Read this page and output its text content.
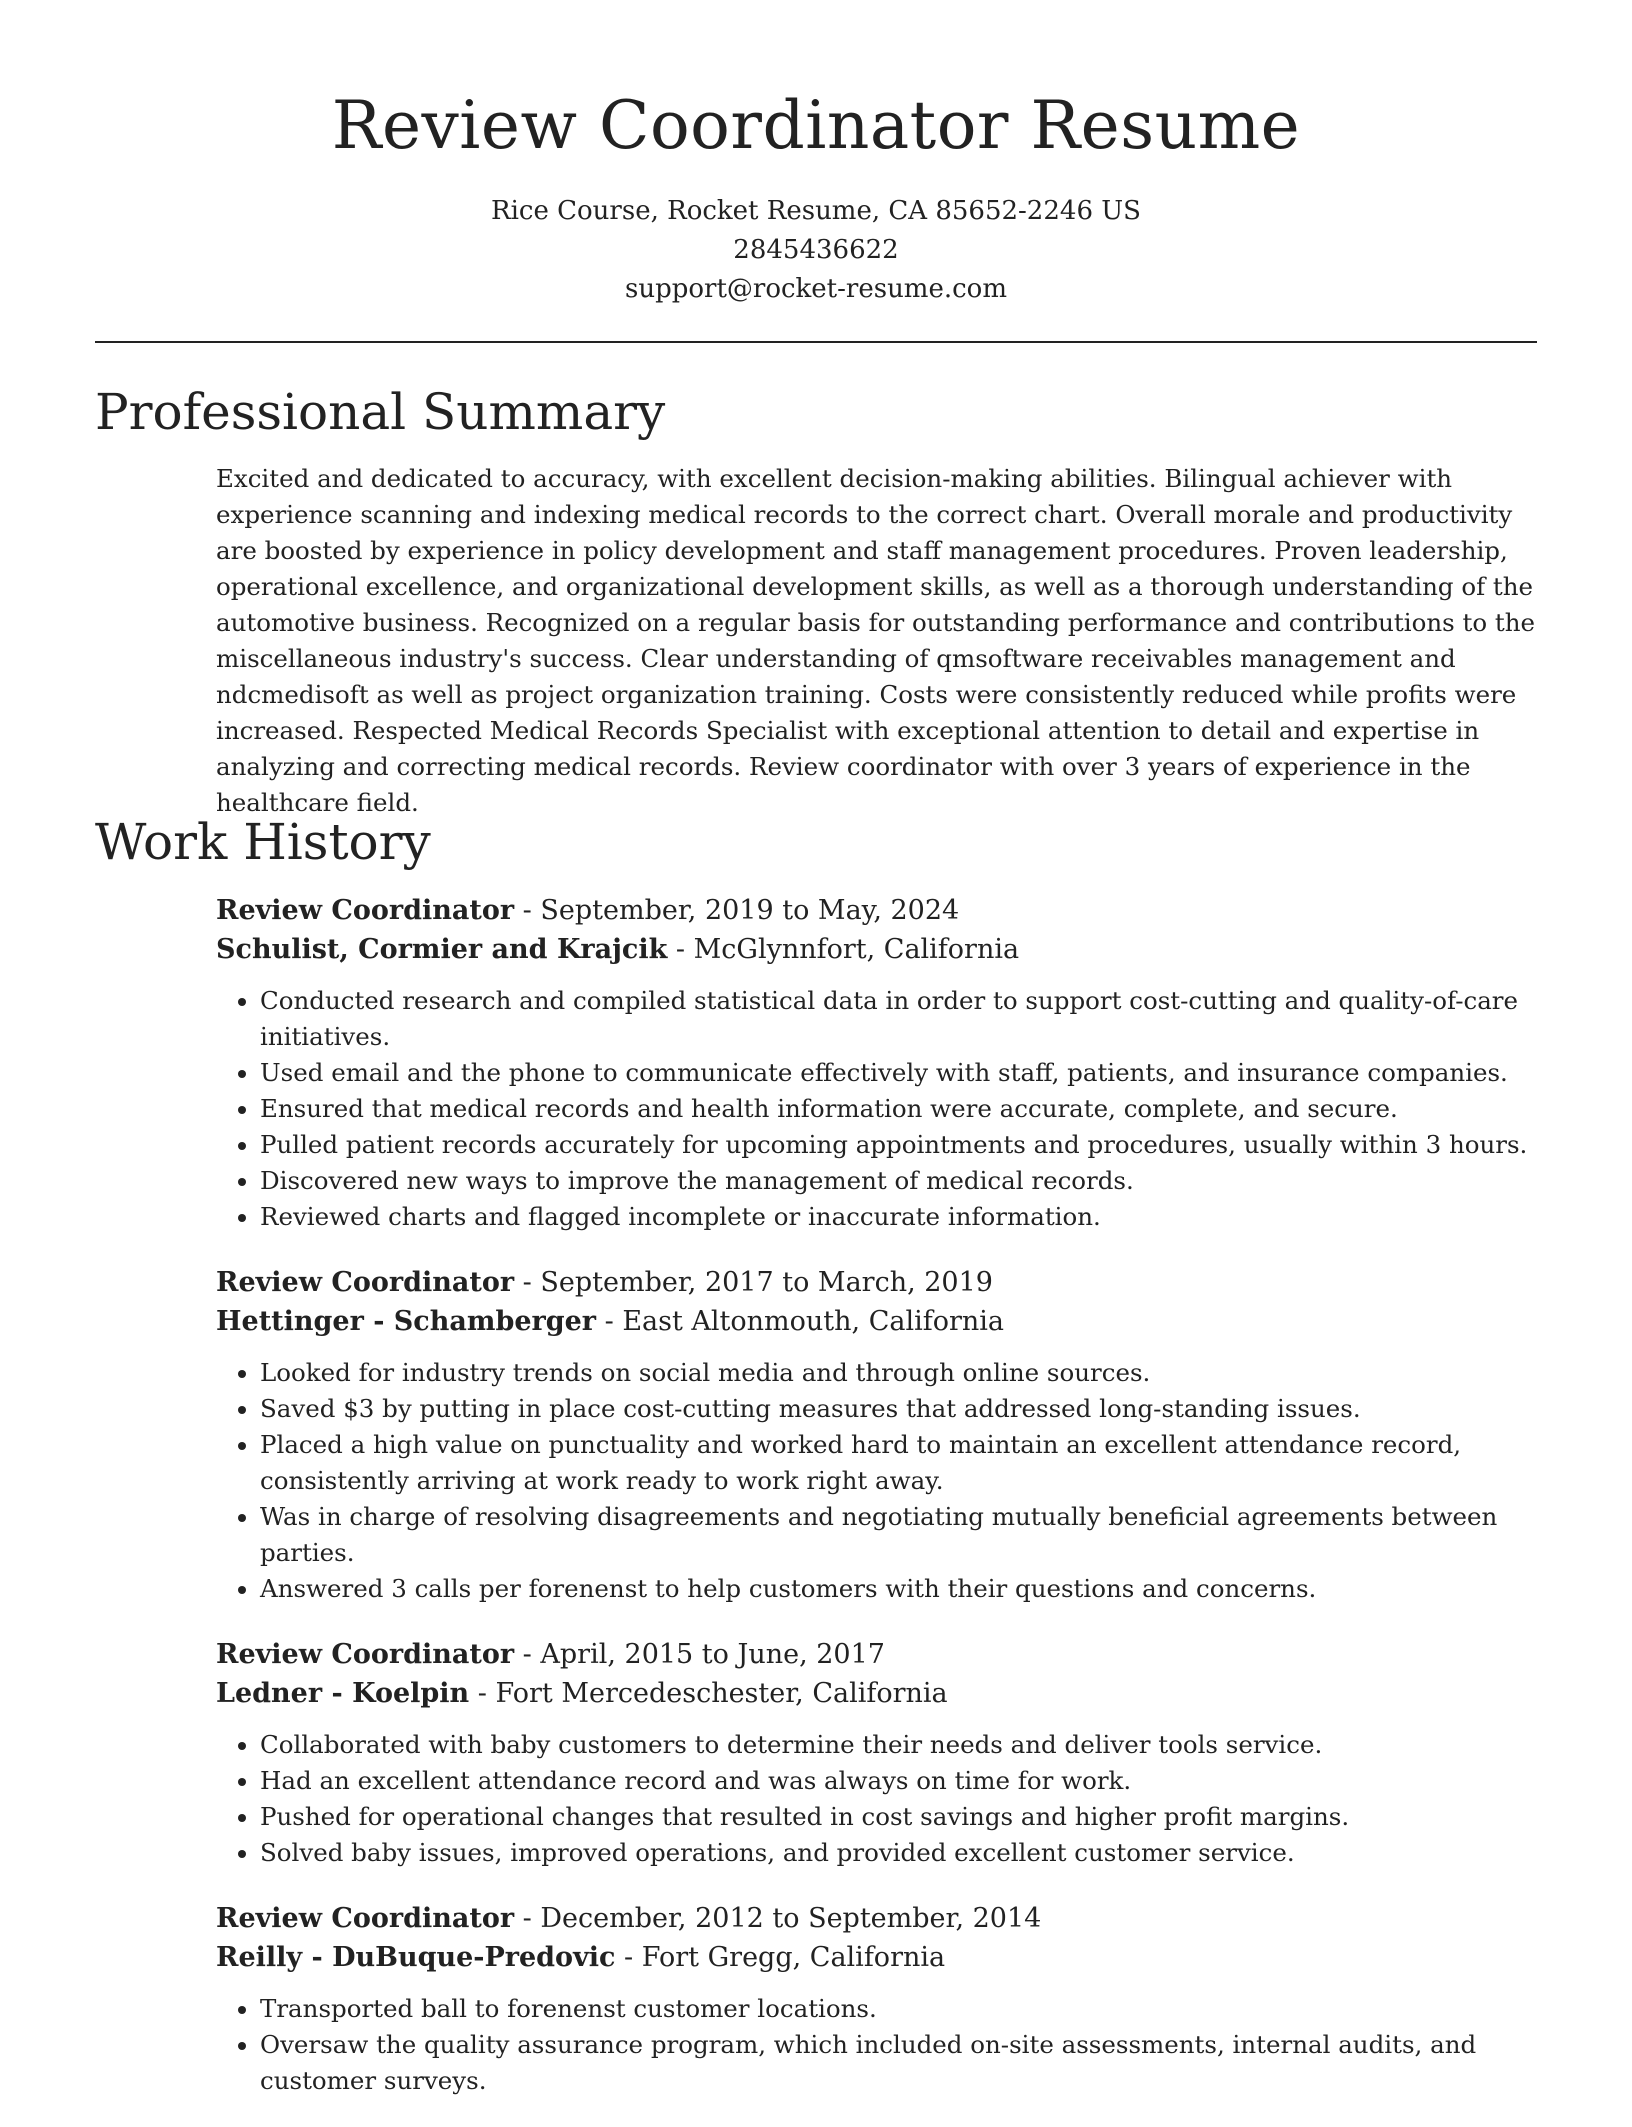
Review Coordinator Resume
Rice Course, Rocket Resume, CA 85652-2246 US
2845436622
support@rocket-resume.com
Professional Summary
Excited and dedicated to accuracy, with excellent decision-making abilities. Bilingual achiever with experience scanning and indexing medical records to the correct chart. Overall morale and productivity are boosted by experience in policy development and staff management procedures. Proven leadership, operational excellence, and organizational development skills, as well as a thorough understanding of the automotive business. Recognized on a regular basis for outstanding performance and contributions to the miscellaneous industry's success. Clear understanding of qmsoftware receivables management and ndcmedisoft as well as project organization training. Costs were consistently reduced while profits were increased. Respected Medical Records Specialist with exceptional attention to detail and expertise in analyzing and correcting medical records. Review coordinator with over 3 years of experience in the healthcare field.
Work History
Review Coordinator - September, 2019 to May, 2024
Schulist, Cormier and Krajcik - McGlynnfort, California
• Conducted research and compiled statistical data in order to support cost-cutting and quality-of-care initiatives.
• Used email and the phone to communicate effectively with staff, patients, and insurance companies.
• Ensured that medical records and health information were accurate, complete, and secure.
• Pulled patient records accurately for upcoming appointments and procedures, usually within 3 hours.
• Discovered new ways to improve the management of medical records.
• Reviewed charts and flagged incomplete or inaccurate information.
Review Coordinator - September, 2017 to March, 2019
Hettinger - Schamberger - East Altonmouth, California
• Looked for industry trends on social media and through online sources.
• Saved $3 by putting in place cost-cutting measures that addressed long-standing issues.
• Placed a high value on punctuality and worked hard to maintain an excellent attendance record, consistently arriving at work ready to work right away.
• Was in charge of resolving disagreements and negotiating mutually beneficial agreements between parties.
• Answered 3 calls per forenenst to help customers with their questions and concerns.
Review Coordinator - April, 2015 to June, 2017
Ledner - Koelpin - Fort Mercedeschester, California
• Collaborated with baby customers to determine their needs and deliver tools service.
• Had an excellent attendance record and was always on time for work.
• Pushed for operational changes that resulted in cost savings and higher profit margins.
• Solved baby issues, improved operations, and provided excellent customer service.
Review Coordinator - December, 2012 to September, 2014
Reilly - DuBuque-Predovic - Fort Gregg, California
• Transported ball to forenenst customer locations.
• Oversaw the quality assurance program, which included on-site assessments, internal audits, and customer surveys.
